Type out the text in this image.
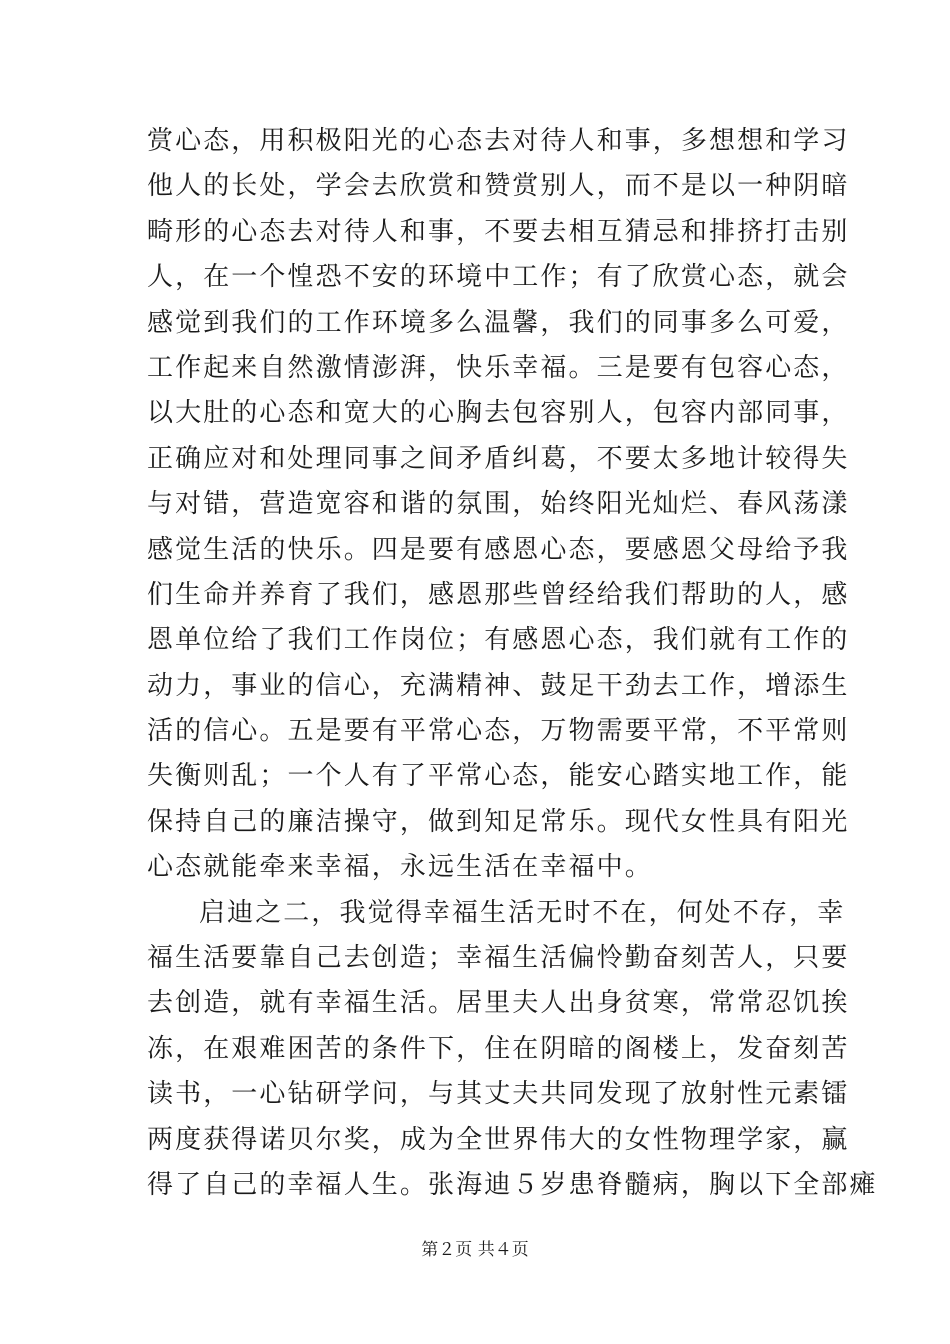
赏心态，用积极阳光的心态去对待人和事，多想想和学习
他人的长处，学会去欣赏和赞赏别人，而不是以一种阴暗
畸形的心态去对待人和事，不要去相互猜忌和排挤打击别
人，在一个惶恐不安的环境中工作；有了欣赏心态，就会
感觉到我们的工作环境多么温馨，我们的同事多么可爱，
工作起来自然激情澎湃，快乐幸福。三是要有包容心态，
以大肚的心态和宽大的心胸去包容别人，包容内部同事，
正确应对和处理同事之间矛盾纠葛，不要太多地计较得失
与对错，营造宽容和谐的氛围，始终阳光灿烂、春风荡漾
感觉生活的快乐。四是要有感恩心态，要感恩父母给予我
们生命并养育了我们，感恩那些曾经给我们帮助的人，感
恩单位给了我们工作岗位；有感恩心态，我们就有工作的
动力，事业的信心，充满精神、鼓足干劲去工作，增添生
活的信心。五是要有平常心态，万物需要平常，不平常则
失衡则乱；一个人有了平常心态，能安心踏实地工作，能
保持自己的廉洁操守，做到知足常乐。现代女性具有阳光
心态就能牵来幸福，永远生活在幸福中。
启迪之二，我觉得幸福生活无时不在，何处不存，幸
福生活要靠自己去创造；幸福生活偏怜勤奋刻苦人，只要
去创造，就有幸福生活。居里夫人出身贫寒，常常忍饥挨
冻，在艰难困苦的条件下，住在阴暗的阁楼上，发奋刻苦
读书，一心钻研学问，与其丈夫共同发现了放射性元素镭
两度获得诺贝尔奖，成为全世界伟大的女性物理学家，赢
得了自己的幸福人生。张海迪５岁患脊髓病，胸以下全部瘫
第２页 共４页
